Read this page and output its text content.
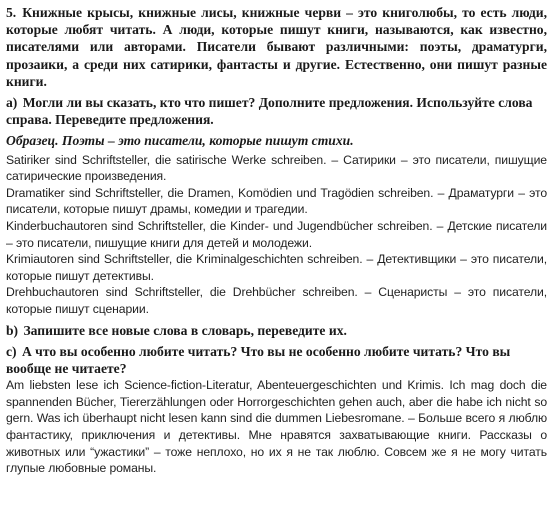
5. Книжные крысы, книжные лисы, книжные черви – это книголюбы, то есть люди, которые любят читать. А люди, которые пишут книги, называются, как известно, писателями или авторами. Писатели бывают различными: поэты, драматурги, прозаики, а среди них сатирики, фантасты и другие. Естественно, они пишут разные книги.

а) Могли ли вы сказать, кто что пишет? Дополните предложения. Используйте слова справа. Переведите предложения.

Образец. Поэты – это писатели, которые пишут стихи.

Satiriker sind Schriftsteller, die satirische Werke schreiben. – Сатирики – это писатели, пишущие сатирические произведения.

Dramatiker sind Schriftsteller, die Dramen, Komödien und Tragödien schreiben. – Драматурги – это писатели, которые пишут драмы, комедии и трагедии.

Kinderbuchautoren sind Schriftsteller, die Kinder- und Jugendbücher schreiben. – Детские писатели – это писатели, пишущие книги для детей и молодежи.

Krimiautoren sind Schriftsteller, die Kriminalgeschichten schreiben. – Детективщики – это писатели, которые пишут детективы.

Drehbuchautoren sind Schriftsteller, die Drehbücher schreiben. – Сценаристы – это писатели, которые пишут сценарии.

b) Запишите все новые слова в словарь, переведите их.

c) А что вы особенно любите читать? Что вы не особенно любите читать? Что вы вообще не читаете?

Am liebsten lese ich Science-fiction-Literatur, Abenteuergeschichten und Krimis. Ich mag doch die spannenden Bücher, Tiererzählungen oder Horrorgeschichten gehen auch, aber die habe ich nicht so gern. Was ich überhaupt nicht lesen kann sind die dummen Liebesromane. – Больше всего я люблю фантастику, приключения и детективы. Мне нравятся захватывающие книги. Рассказы о животных или “ужастики” – тоже неплохо, но их я не так люблю. Совсем же я не могу читать глупые любовные романы.
